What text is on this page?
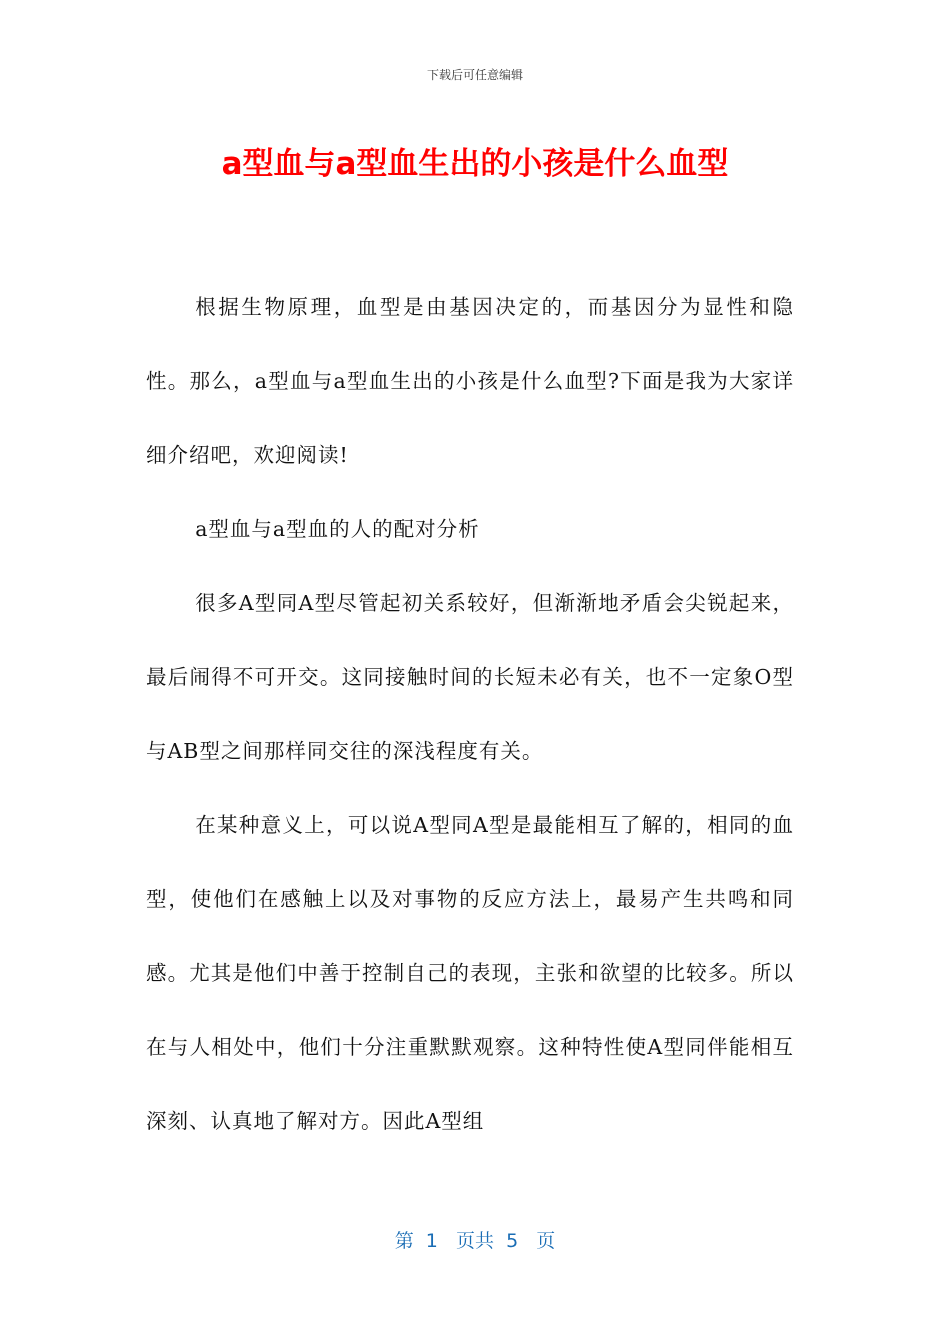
下载后可任意编辑
a型血与a型血生出的小孩是什么血型

根据生物原理，血型是由基因决定的，而基因分为显性和隐性。那么，a型血与a型血生出的小孩是什么血型?下面是我为大家详细介绍吧，欢迎阅读!

a型血与a型血的人的配对分析

很多A型同A型尽管起初关系较好，但渐渐地矛盾会尖锐起来，最后闹得不可开交。这同接触时间的长短未必有关，也不一定象O型与AB型之间那样同交往的深浅程度有关。

在某种意义上，可以说A型同A型是最能相互了解的，相同的血型，使他们在感触上以及对事物的反应方法上，最易产生共鸣和同感。尤其是他们中善于控制自己的表现，主张和欲望的比较多。所以在与人相处中，他们十分注重默默观察。这种特性使A型同伴能相互深刻、认真地了解对方。因此A型组

第  1   页共  5   页
